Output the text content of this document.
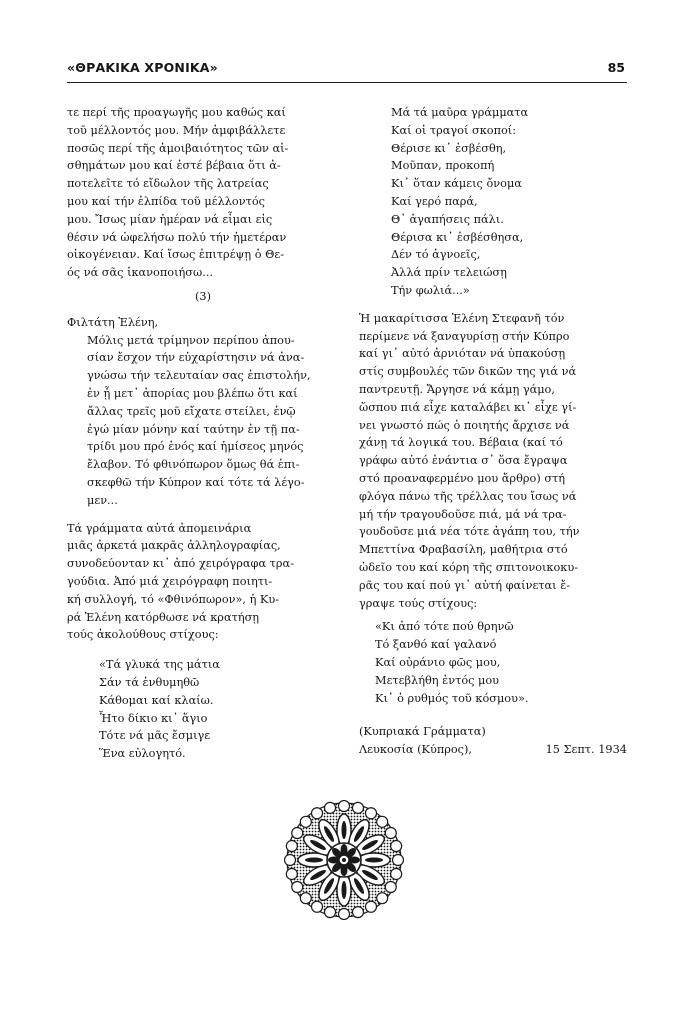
«ΘΡΑΚΙΚΑ ΧΡΟΝΙΚΑ»	85

τε περί τῆς προαγωγῆς μου καθώς καί
τοῦ μέλλοντός μου. Μήν ἀμφιβάλλετε
ποσῶς περί τῆς ἀμοιβαιότητος τῶν αἰ-
σθημάτων μου καί ἐστέ βέβαια ὅτι ἀ-
ποτελεῖτε τό εἴδωλον τῆς λατρείας
μου καί τήν ἐλπίδα τοῦ μέλλοντός
μου. Ἴσως μίαν ἡμέραν νά εἶμαι εἰς
θέσιν νά ὠφελήσω πολύ τήν ἡμετέραν
οἰκογένειαν. Καί ἴσως ἐπιτρέψῃ ὁ Θε-
ός νά σᾶς ἱκανοποιήσω...

(3)

Φιλτάτη Ἑλένη,

Μόλις μετά τρίμηνον περίπου ἀπου-
σίαν ἔσχον τήν εὐχαρίστησιν νά ἀνα-
γνώσω τήν τελευταίαν σας ἐπιστολήν,
ἐν ᾗ μετ᾽ ἀπορίας μου βλέπω ὅτι καί
ἄλλας τρεῖς μοῦ εἴχατε στείλει, ἐνῷ
ἐγώ μίαν μόνην καί ταύτην ἐν τῇ πα-
τρίδι μου πρό ἑνός καί ἡμίσεος μηνός
ἔλαβον. Τό φθινόπωρον ὅμως θά ἐπι-
σκεφθῶ τήν Κύπρον καί τότε τά λέγο-
μεν...

Τά γράμματα αὐτά ἀπομεινάρια
μιᾶς ἀρκετά μακρᾶς ἀλληλογραφίας,
συνοδεύονταν κι᾽ ἀπό χειρόγραφα τρα-
γούδια. Ἀπό μιά χειρόγραφη ποιητι-
κή συλλογή, τό «Φθινόπωρον», ἡ Κυ-
ρά Ἑλένη κατόρθωσε νά κρατήσῃ
τούς ἀκολούθους στίχους:

«Τά γλυκά της μάτια
Σάν τά ἐνθυμηθῶ
Κάθομαι καί κλαίω.
Ἧτο δίκιο κι᾽ ἅγιο
Τότε νά μᾶς ἔσμιγε
Ἕνα εὐλογητό.

Μά τά μαῦρα γράμματα
Καί οἱ τραγοί σκοποί:
Θέρισε κι᾽ ἐσβέσθη,
Μοῦπαν, προκοπή
Κι᾽ ὅταν κάμεις ὄνομα
Καί γερό παρά,
Θ᾽ ἀγαπήσεις πάλι.
Θέρισα κι᾽ ἐσβέσθησα,
Δέν τό ἀγνοεῖς,
Ἀλλά πρίν τελειώσῃ
Τήν φωλιά...»

Ἡ μακαρίτισσα Ἑλένη Στεφανῆ τόν
περίμενε νά ξαναγυρίσῃ στήν Κύπρο
καί γι᾽ αὐτό ἀρνιόταν νά ὑπακούσῃ
στίς συμβουλές τῶν δικῶν της γιά νά
παντρευτῇ. Ἄργησε νά κάμῃ γάμο,
ὥσπου πιά εἶχε καταλάβει κι᾽ εἶχε γί-
νει γνωστό πώς ὁ ποιητής ἄρχισε νά
χάνῃ τά λογικά του. Βέβαια (καί τό
γράφω αὐτό ἐνάντια σ᾽ ὅσα ἔγραψα
στό προαναφερμένο μου ἄρθρο) στή
φλόγα πάνω τῆς τρέλλας του ἴσως νά
μή τήν τραγουδοῦσε πιά, μά νά τρα-
γουδοῦσε μιά νέα τότε ἀγάπη του, τήν
Μπεττίνα Φραβασίλη, μαθήτρια στό
ὠδεῖο του καί κόρη τῆς σπιτονοικοκυ-
ρᾶς του καί πού γι᾽ αὐτή φαίνεται ἔ-
γραψε τούς στίχους:

«Κι ἀπό τότε πού θρηνῶ
Τό ξανθό καί γαλανό
Καί οὐράνιο φῶς μου,
Μετεβλήθη ἐντός μου
Κι᾽ ὁ ρυθμός τοῦ κόσμου».

(Κυπριακά Γράμματα)
Λευκοσία (Κύπρος),	15 Σεπτ. 1934
